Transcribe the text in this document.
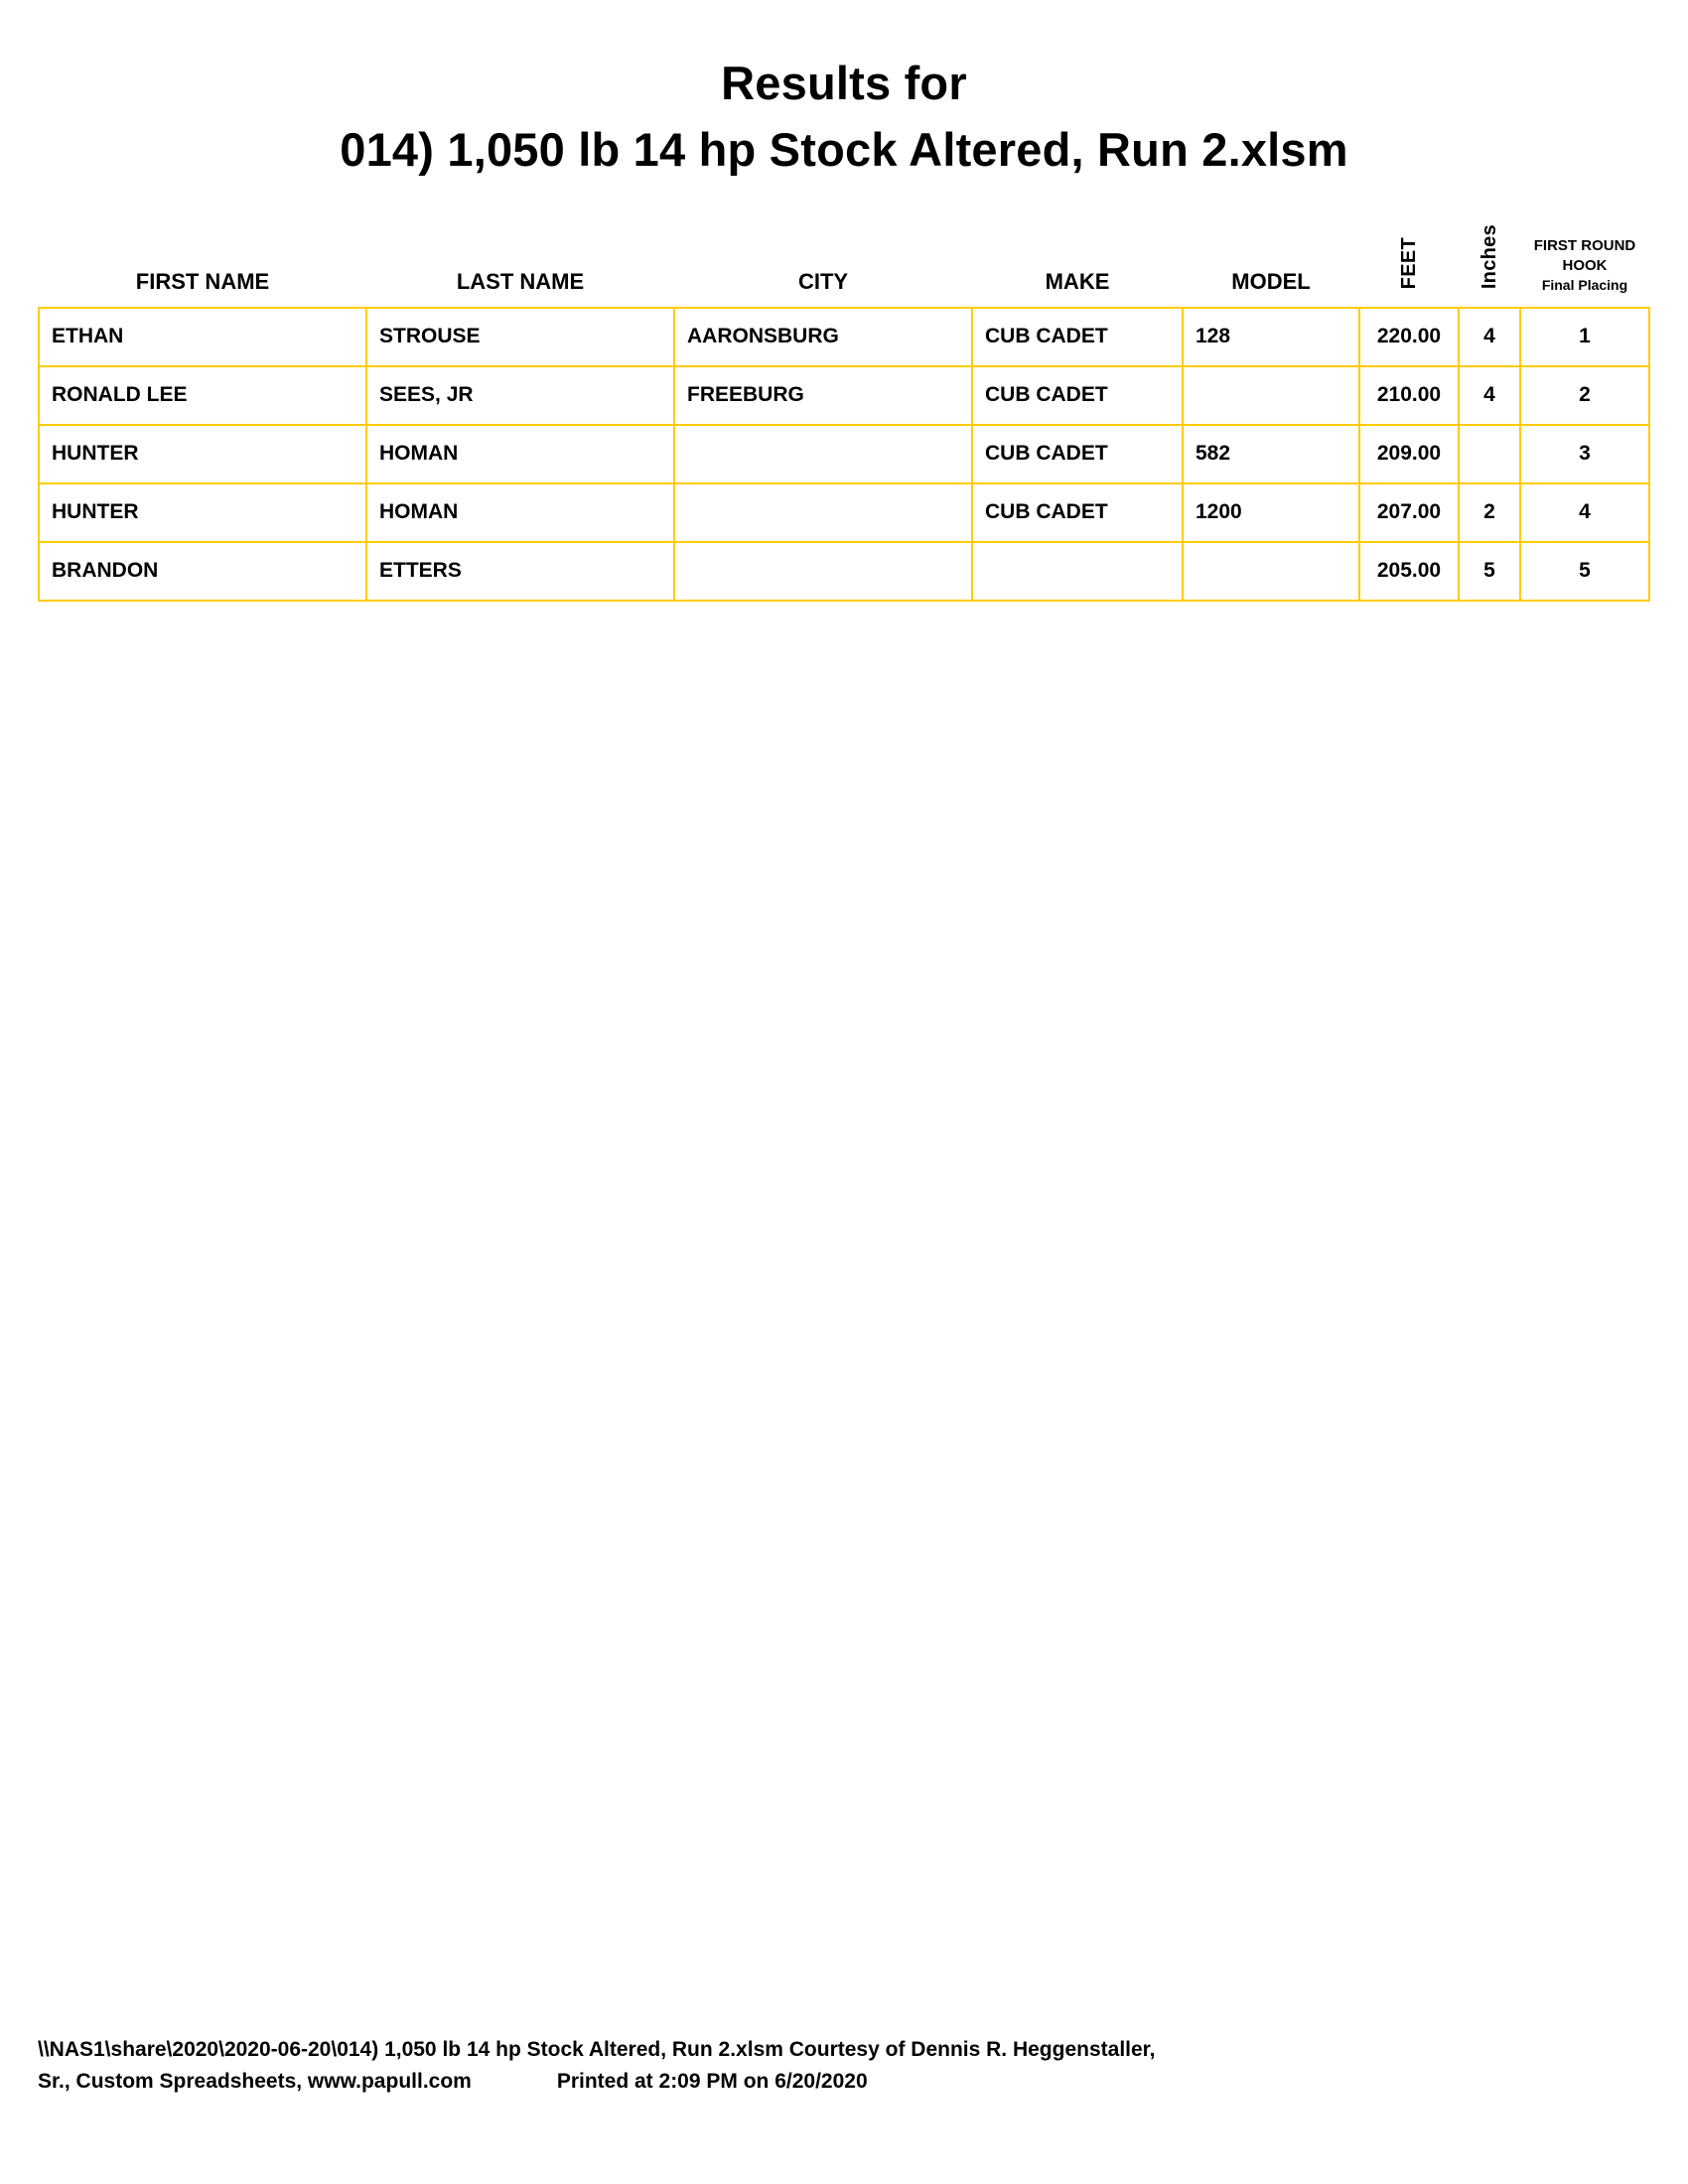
Results for
014) 1,050 lb 14 hp Stock Altered, Run 2.xlsm
FIRST NAME	LAST NAME	CITY	MAKE	MODEL	FEET	Inches	FIRST ROUND
HOOK
Final Placing

ETHAN	STROUSE	AARONSBURG	CUB CADET	128	220.00	4	1
RONALD LEE	SEES, JR	FREEBURG	CUB CADET		210.00	4	2
HUNTER	HOMAN		CUB CADET	582	209.00		3
HUNTER	HOMAN		CUB CADET	1200	207.00	2	4
BRANDON	ETTERS				205.00	5	5
\\NAS1\share\2020\2020-06-20\014) 1,050 lb 14 hp Stock Altered, Run 2.xlsm Courtesy of Dennis R. Heggenstaller,
Sr., Custom Spreadsheets, www.papull.com	Printed at 2:09 PM on 6/20/2020
